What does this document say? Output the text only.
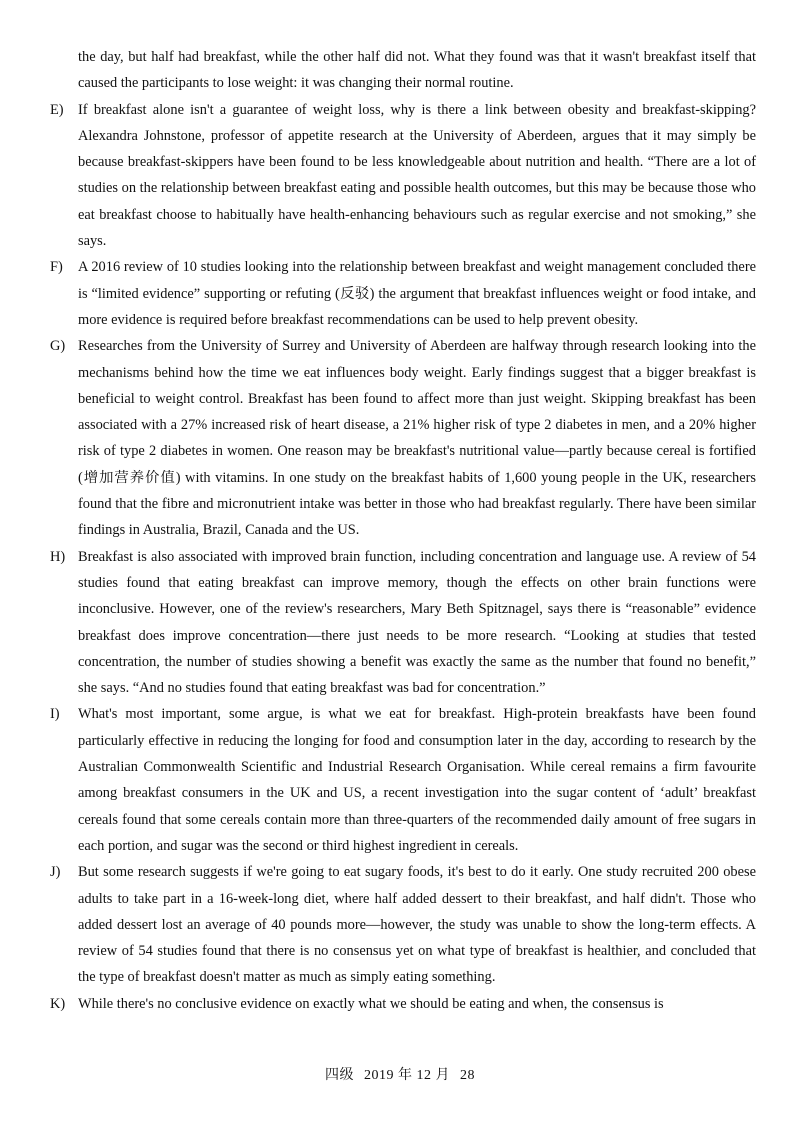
the day, but half had breakfast, while the other half did not. What they found was that it wasn't breakfast itself that caused the participants to lose weight: it was changing their normal routine.

E)	If breakfast alone isn't a guarantee of weight loss, why is there a link between obesity and breakfast-skipping? Alexandra Johnstone, professor of appetite research at the University of Aberdeen, argues that it may simply be because breakfast-skippers have been found to be less knowledgeable about nutrition and health. “There are a lot of studies on the relationship between breakfast eating and possible health outcomes, but this may be because those who eat breakfast choose to habitually have health-enhancing behaviours such as regular exercise and not smoking,” she says.
F)	A 2016 review of 10 studies looking into the relationship between breakfast and weight management concluded there is “limited evidence” supporting or refuting (反驳) the argument that breakfast influences weight or food intake, and more evidence is required before breakfast recommendations can be used to help prevent obesity.
G) Researches from the University of Surrey and University of Aberdeen are halfway through research looking into the mechanisms behind how the time we eat influences body weight. Early findings suggest that a bigger breakfast is beneficial to weight control. Breakfast has been found to affect more than just weight. Skipping breakfast has been associated with a 27% increased risk of heart disease, a 21% higher risk of type 2 diabetes in men, and a 20% higher risk of type 2 diabetes in women. One reason may be breakfast's nutritional value—partly because cereal is fortified (增加营养价值) with vitamins. In one study on the breakfast habits of 1,600 young people in the UK, researchers found that the fibre and micronutrient intake was better in those who had breakfast regularly. There have been similar findings in Australia, Brazil, Canada and the US.
H) Breakfast is also associated with improved brain function, including concentration and language use. A review of 54 studies found that eating breakfast can improve memory, though the effects on other brain functions were inconclusive. However, one of the review's researchers, Mary Beth Spitznagel, says there is “reasonable” evidence breakfast does improve concentration—there just needs to be more research. “Looking at studies that tested concentration, the number of studies showing a benefit was exactly the same as the number that found no benefit,” she says. “And no studies found that eating breakfast was bad for concentration.”
I)	What's most important, some argue, is what we eat for breakfast. High-protein breakfasts have been found particularly effective in reducing the longing for food and consumption later in the day, according to research by the Australian Commonwealth Scientific and Industrial Research Organisation. While cereal remains a firm favourite among breakfast consumers in the UK and US, a recent investigation into the sugar content of ‘adult’ breakfast cereals found that some cereals contain more than three-quarters of the recommended daily amount of free sugars in each portion, and sugar was the second or third highest ingredient in cereals.
J)	But some research suggests if we're going to eat sugary foods, it's best to do it early. One study recruited 200 obese adults to take part in a 16-week-long diet, where half added dessert to their breakfast, and half didn't. Those who added dessert lost an average of 40 pounds more—however, the study was unable to show the long-term effects. A review of 54 studies found that there is no consensus yet on what type of breakfast is healthier, and concluded that the type of breakfast doesn't matter as much as simply eating something.
K) While there's no conclusive evidence on exactly what we should be eating and when, the consensus is
四级 2019 年 12 月 28
